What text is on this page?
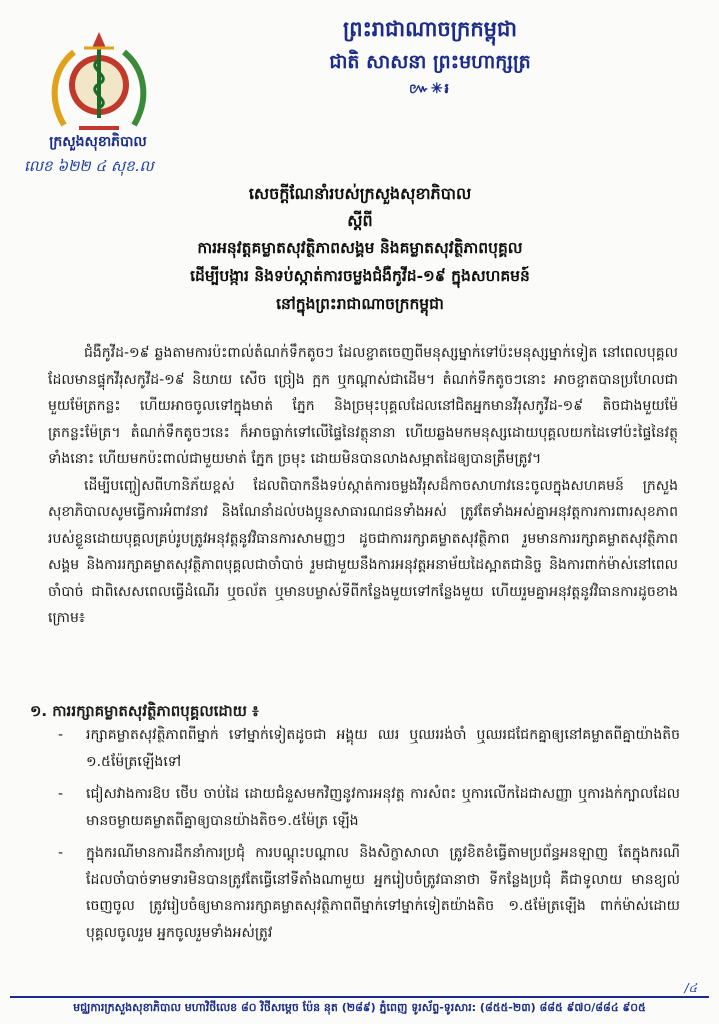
ព្រះរាជាណាចក្រកម្ពុជា
ជាតិ សាសនា ព្រះមហាក្សត្រ
៚✳៛
ក្រសួងសុខាភិបាល
លេខ ៦២២ ៤ សុខ.ល
សេចក្តីណែនាំរបស់ក្រសួងសុខាភិបាល
ស្តីពី
ការអនុវត្តគម្លាតសុវត្ថិភាពសង្គម និងគម្លាតសុវត្ថិភាពបុគ្គល
ដើម្បីបង្ការ និងទប់ស្កាត់ការចម្លងជំងឺកូវីដ-១៩ ក្នុងសហគមន៍
នៅក្នុងព្រះរាជាណាចក្រកម្ពុជា

ជំងឺកូវីដ-១៩ ឆ្លងតាមការប៉ះពាល់តំណក់ទឹកតូចៗ ដែលខ្ចាតចេញពីមនុស្សម្នាក់ទៅប៉ះមនុស្សម្នាក់ទៀត នៅពេលបុគ្គលដែលមានផ្ទុកវីរុសកូវីដ-១៩ និយាយ សើច ច្រៀង ក្អក ឬកណ្តាស់ជាដើម។ តំណក់ទឹកតូចៗនោះ អាចខ្ចាតបានប្រហែលជាមួយម៉ែត្រកន្លះ ហើយអាចចូលទៅក្នុងមាត់ ភ្នែក និងច្រមុះបុគ្គលដែលនៅជិតអ្នកមានវីរុសកូវីដ-១៩ តិចជាងមួយម៉ែត្រកន្លះម៉ែត្រ។ តំណក់ទឹកតូចៗនេះ ក៏អាចធ្លាក់ទៅលើផ្ទៃនៃវត្ថុនានា ហើយឆ្លងមកមនុស្សដោយបុគ្គលយកដៃទៅប៉ះផ្ទៃនៃវត្ថុទាំងនោះ ហើយមកប៉ះពាល់ជាមួយមាត់ ភ្នែក ច្រមុះ ដោយមិនបានលាងសម្អាតដៃឲ្យបានត្រឹមត្រូវ។

ដើម្បីបញ្ចៀសពីហានិភ័យខ្ពស់ ដែលពិបាកនឹងទប់ស្កាត់ការចម្លងវីរុសដ៏កាចសាហាវនេះចូលក្នុងសហគមន៍ ក្រសួងសុខាភិបាលសូមធ្វើការអំពាវនាវ និងណែនាំដល់បងប្អូនសាធារណជនទាំងអស់ ត្រូវតែទាំងអស់គ្នាអនុវត្តការការពារសុខភាពរបស់ខ្លួនដោយបុគ្គលគ្រប់រូបត្រូវអនុវត្តនូវវិធានការសាមញ្ញៗ ដូចជាការរក្សាគម្លាតសុវត្ថិភាព រួមមានការរក្សាគម្លាតសុវត្ថិភាពសង្គម និងការរក្សាគម្លាតសុវត្ថិភាពបុគ្គលជាចាំបាច់ រួមជាមួយនឹងការអនុវត្តអនាម័យដៃស្អាតជានិច្ច និងការពាក់ម៉ាស់នៅពេលចាំបាច់ ជាពិសេសពេលធ្វើដំណើរ ឬចល័ត ឬមានបម្លាស់ទីពីកន្លែងមួយទៅកន្លែងមួយ ហើយរួមគ្នាអនុវត្តនូវវិធានការដូចខាងក្រោម៖

១. ការរក្សាគម្លាតសុវត្ថិភាពបុគ្គលដោយ ៖
- រក្សាគម្លាតសុវត្ថិភាពពីម្នាក់ ទៅម្នាក់ទៀតដូចជា អង្គុយ ឈរ ឬឈររង់ចាំ ឬឈរជជែកគ្នាឲ្យនៅគម្លាតពីគ្នាយ៉ាងតិច ១.៥ម៉ែត្រឡើងទៅ
- ជៀសវាងការឱប ថើប ចាប់ដៃ ដោយជំនួសមកវិញនូវការអនុវត្ត ការសំពះ ឬការលើកដៃជាសញ្ញា ឬការងក់ក្បាលដែលមានចម្ងាយគម្លាតពីគ្នាឲ្យបានយ៉ាងតិច១.៥ម៉ែត្រ ឡើង
- ក្នុងករណីមានការដឹកនាំការប្រជុំ ការបណ្តុះបណ្តាល និងសិក្ខាសាលា ត្រូវខិតខំធ្វើតាមប្រព័ន្ធអនឡាញ តែក្នុងករណីដែលចាំបាច់ទាមទារមិនបានត្រូវតែធ្វើនៅទីតាំងណាមួយ អ្នករៀបចំត្រូវធានាថា ទីកន្លែងប្រជុំ គឺជាទូលាយ មានខ្យល់ចេញចូល ត្រូវរៀបចំឲ្យមានការរក្សាគម្លាតសុវត្ថិភាពពីម្នាក់ទៅម្នាក់ទៀតយ៉ាងតិច ១.៥ម៉ែត្រឡើង ពាក់ម៉ាស់ដោយបុគ្គលចូលរួម អ្នកចូលរួមទាំងអស់ត្រូវ
/៤
មជ្ឈការក្រសួងសុខាភិបាល មហាវិថីលេខ ៨០ វិថីសម្តេច ប៉ែន នុត (២៨៩) ភ្នំពេញ ទូរស័ព្ទ-ទូរសារ: (៨៥៥-២៣) ៨៨៥ ៩៧០/៨៨៤ ៩០៥
